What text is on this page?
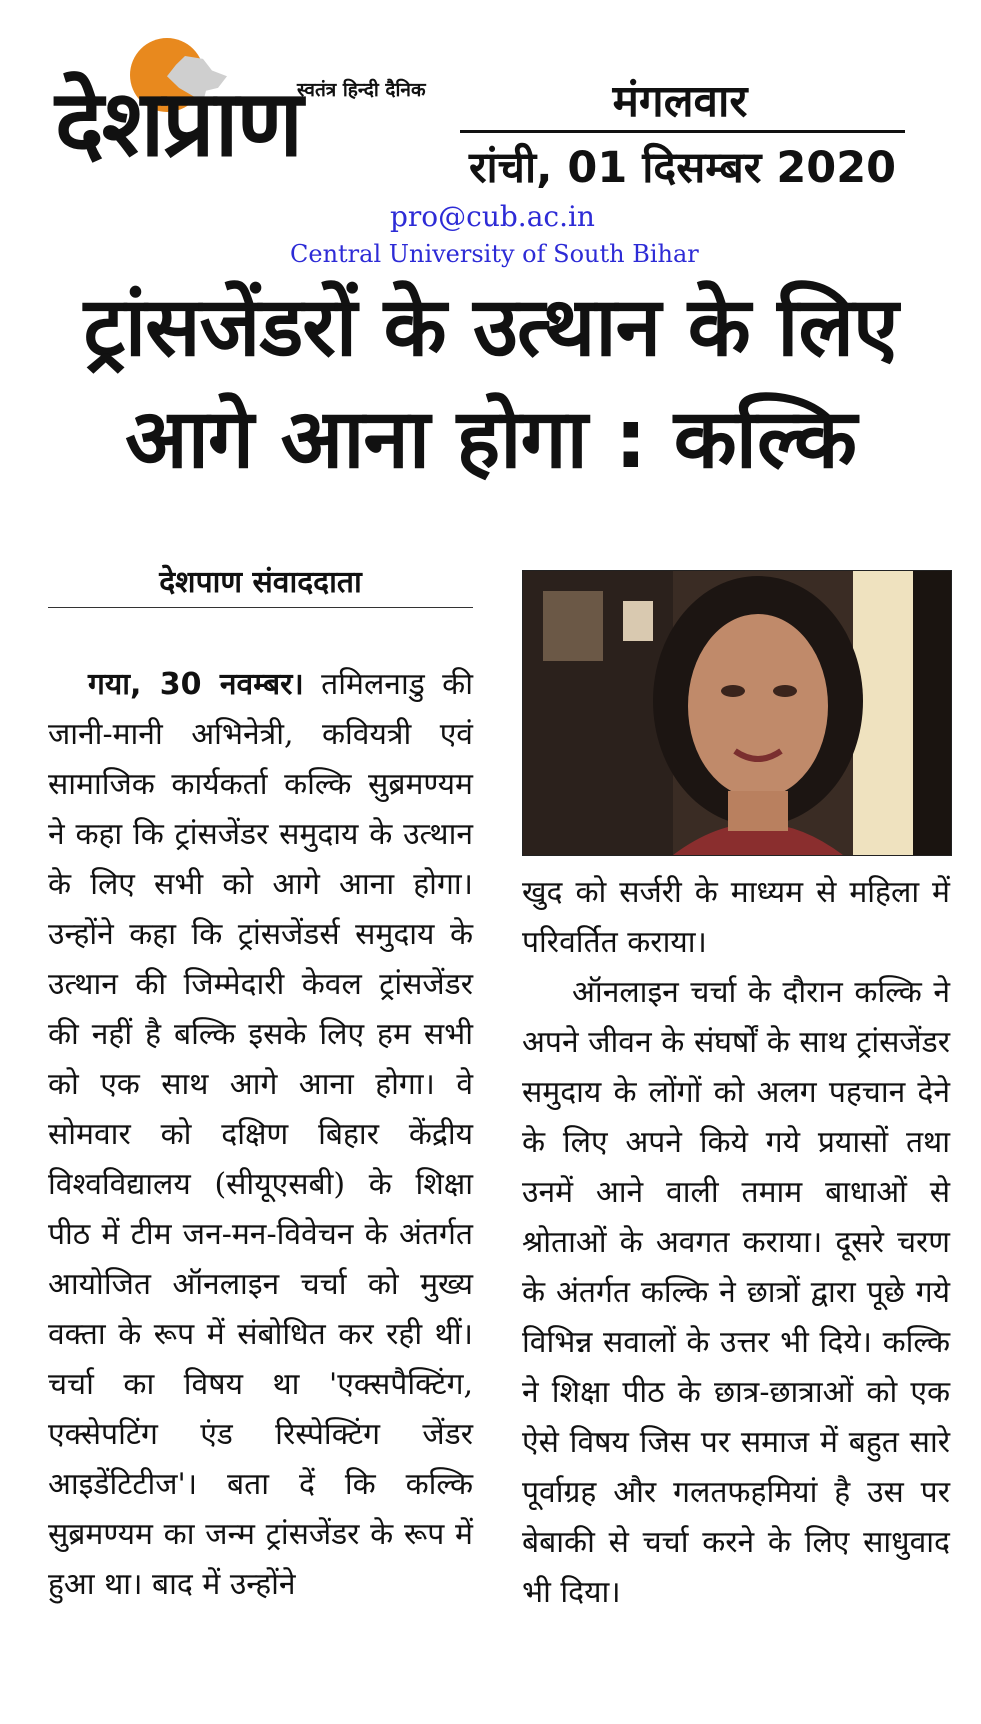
देशप्राण
स्वतंत्र हिन्दी दैनिक	मंगलवार
रांची, 01 दिसम्बर 2020
pro@cub.ac.in
Central University of South Bihar
ट्रांसजेंडरों के उत्थान के लिए
आगे आना होगा : कल्कि
देशपाण संवाददाता

गया, 30 नवम्बर। तमिलनाडु की जानी-मानी अभिनेत्री, कवियत्री एवं सामाजिक कार्यकर्ता कल्कि सुब्रमण्यम ने कहा कि ट्रांसजेंडर समुदाय के उत्थान के लिए सभी को आगे आना होगा। उन्होंने कहा कि ट्रांसजेंडर्स समुदाय के उत्थान की जिम्मेदारी केवल ट्रांसजेंडर की नहीं है बल्कि इसके लिए हम सभी को एक साथ आगे आना होगा। वे सोमवार को दक्षिण बिहार केंद्रीय विश्वविद्यालय (सीयूएसबी) के शिक्षा पीठ में टीम जन-मन-विवेचन के अंतर्गत आयोजित ऑनलाइन चर्चा को मुख्य वक्ता के रूप में संबोधित कर रही थीं। चर्चा का विषय था 'एक्सपैक्टिंग, एक्सेपटिंग एंड रिस्पेक्टिंग जेंडर आइडेंटिटीज'। बता दें कि कल्कि सुब्रमण्यम का जन्म ट्रांसजेंडर के रूप में हुआ था। बाद में उन्होंने

खुद को सर्जरी के माध्यम से महिला में परिवर्तित कराया।

ऑनलाइन चर्चा के दौरान कल्कि ने अपने जीवन के संघर्षों के साथ ट्रांसजेंडर समुदाय के लोंगों को अलग पहचान देने के लिए अपने किये गये प्रयासों तथा उनमें आने वाली तमाम बाधाओं से श्रोताओं के अवगत कराया। दूसरे चरण के अंतर्गत कल्कि ने छात्रों द्वारा पूछे गये विभिन्न सवालों के उत्तर भी दिये। कल्कि ने शिक्षा पीठ के छात्र-छात्राओं को एक ऐसे विषय जिस पर समाज में बहुत सारे पूर्वाग्रह और गलतफहमियां है उस पर बेबाकी से चर्चा करने के लिए साधुवाद भी दिया।
